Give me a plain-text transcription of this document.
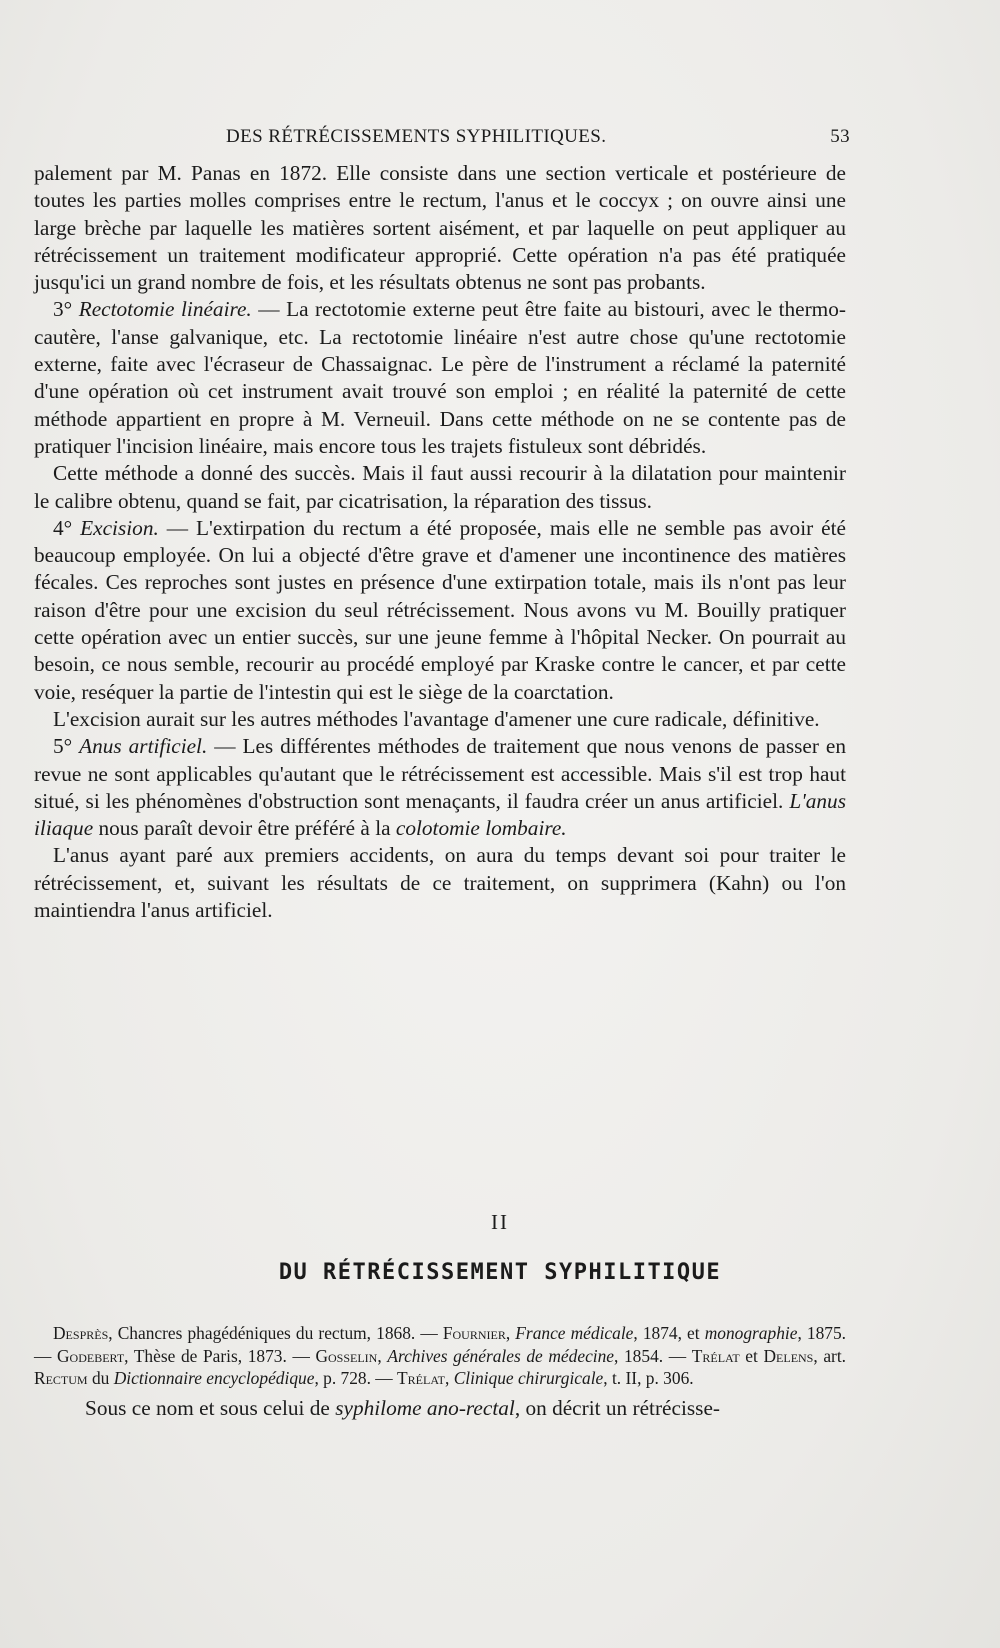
DES RÉTRÉCISSEMENTS SYPHILITIQUES.	53

palement par M. Panas en 1872. Elle consiste dans une section verticale et postérieure de toutes les parties molles comprises entre le rectum, l'anus et le coccyx ; on ouvre ainsi une large brèche par laquelle les matières sortent aisément, et par laquelle on peut appliquer au rétrécissement un traitement modificateur approprié. Cette opération n'a pas été pratiquée jusqu'ici un grand nombre de fois, et les résultats obtenus ne sont pas probants.

3° Rectotomie linéaire. — La rectotomie externe peut être faite au bistouri, avec le thermo-cautère, l'anse galvanique, etc. La rectotomie linéaire n'est autre chose qu'une rectotomie externe, faite avec l'écraseur de Chassaignac. Le père de l'instrument a réclamé la paternité d'une opération où cet instrument avait trouvé son emploi ; en réalité la paternité de cette méthode appartient en propre à M. Verneuil. Dans cette méthode on ne se contente pas de pratiquer l'incision linéaire, mais encore tous les trajets fistuleux sont débridés.

Cette méthode a donné des succès. Mais il faut aussi recourir à la dilatation pour maintenir le calibre obtenu, quand se fait, par cicatrisation, la réparation des tissus.

4° Excision. — L'extirpation du rectum a été proposée, mais elle ne semble pas avoir été beaucoup employée. On lui a objecté d'être grave et d'amener une incontinence des matières fécales. Ces reproches sont justes en présence d'une extirpation totale, mais ils n'ont pas leur raison d'être pour une excision du seul rétrécissement. Nous avons vu M. Bouilly pratiquer cette opération avec un entier succès, sur une jeune femme à l'hôpital Necker. On pourrait au besoin, ce nous semble, recourir au procédé employé par Kraske contre le cancer, et par cette voie, reséquer la partie de l'intestin qui est le siège de la coarctation.

L'excision aurait sur les autres méthodes l'avantage d'amener une cure radicale, définitive.

5° Anus artificiel. — Les différentes méthodes de traitement que nous venons de passer en revue ne sont applicables qu'autant que le rétrécissement est accessible. Mais s'il est trop haut situé, si les phénomènes d'obstruction sont menaçants, il faudra créer un anus artificiel. L'anus iliaque nous paraît devoir être préféré à la colotomie lombaire.

L'anus ayant paré aux premiers accidents, on aura du temps devant soi pour traiter le rétrécissement, et, suivant les résultats de ce traitement, on supprimera (Kahn) ou l'on maintiendra l'anus artificiel.

II
DU RÉTRÉCISSEMENT SYPHILITIQUE

Desprès, Chancres phagédéniques du rectum, 1868. — Fournier, France médicale, 1874, et monographie, 1875. — Godebert, Thèse de Paris, 1873. — Gosselin, Archives générales de médecine, 1854. — Trélat et Delens, art. Rectum du Dictionnaire encyclopédique, p. 728. — Trélat, Clinique chirurgicale, t. II, p. 306.

Sous ce nom et sous celui de syphilome ano-rectal, on décrit un rétrécisse-
